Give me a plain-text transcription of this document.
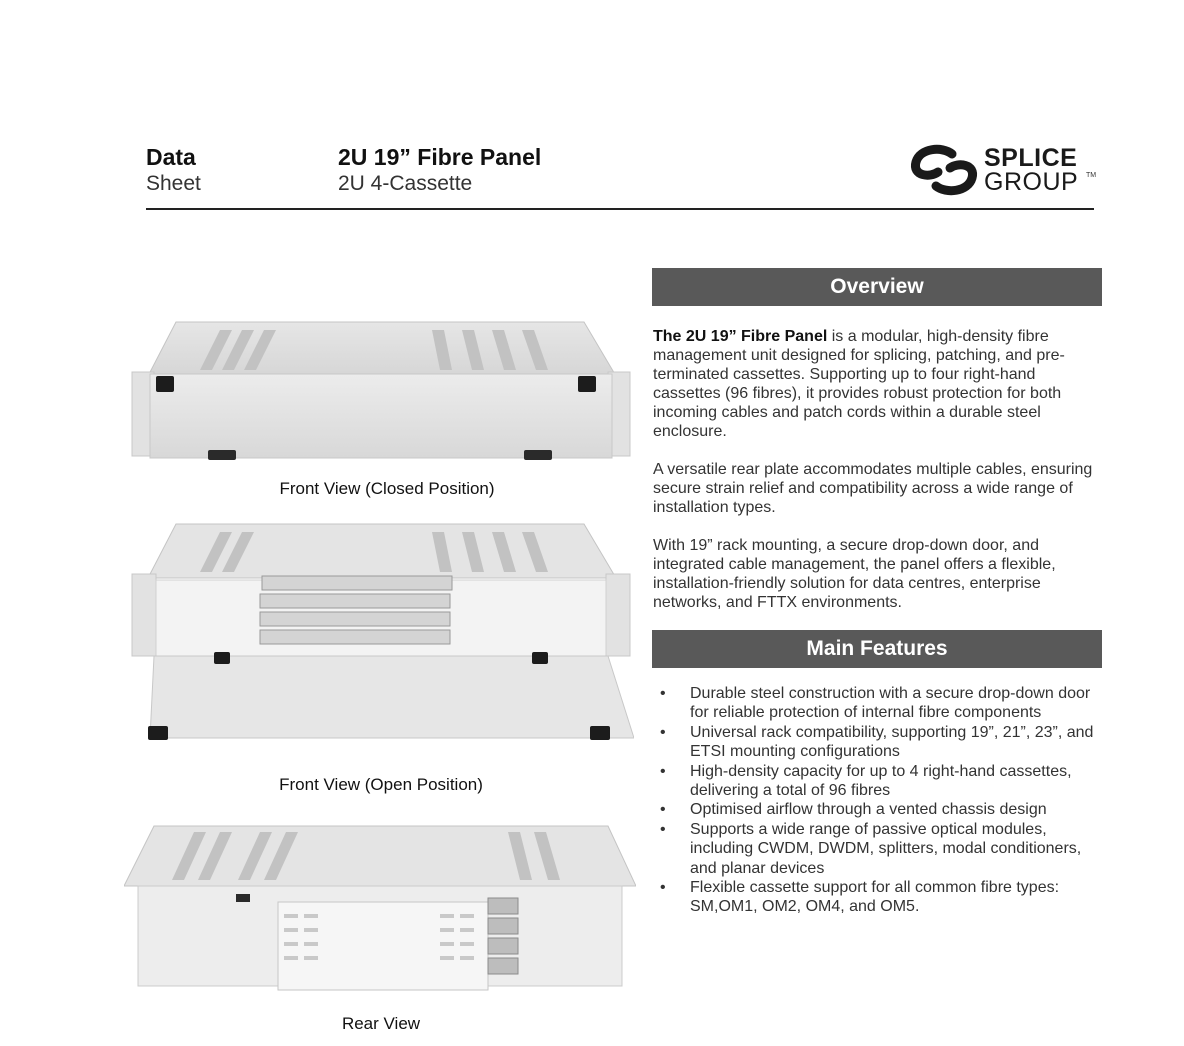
Data
Sheet
2U 19” Fibre Panel
2U 4-Cassette
SPLICE
GROUP TM
Front View (Closed Position)
Front View (Open Position)
Rear View
Overview
The 2U 19” Fibre Panel is a modular, high-density fibre management unit designed for splicing, patching, and pre-terminated cassettes. Supporting up to four right-hand cassettes (96 fibres), it provides robust protection for both incoming cables and patch cords within a durable steel enclosure.
A versatile rear plate accommodates multiple cables, ensuring secure strain relief and compatibility across a wide range of installation types.
With 19” rack mounting, a secure drop-down door, and integrated cable management, the panel offers a flexible, installation-friendly solution for data centres, enterprise networks, and FTTX environments.
Main Features
• Durable steel construction with a secure drop-down door for reliable protection of internal fibre components
• Universal rack compatibility, supporting 19”, 21”, 23”, and ETSI mounting configurations
• High-density capacity for up to 4 right-hand cassettes, delivering a total of 96 fibres
• Optimised airflow through a vented chassis design
• Supports a wide range of passive optical modules, including CWDM, DWDM, splitters, modal conditioners, and planar devices
• Flexible cassette support for all common fibre types: SM,OM1, OM2, OM4, and OM5.
